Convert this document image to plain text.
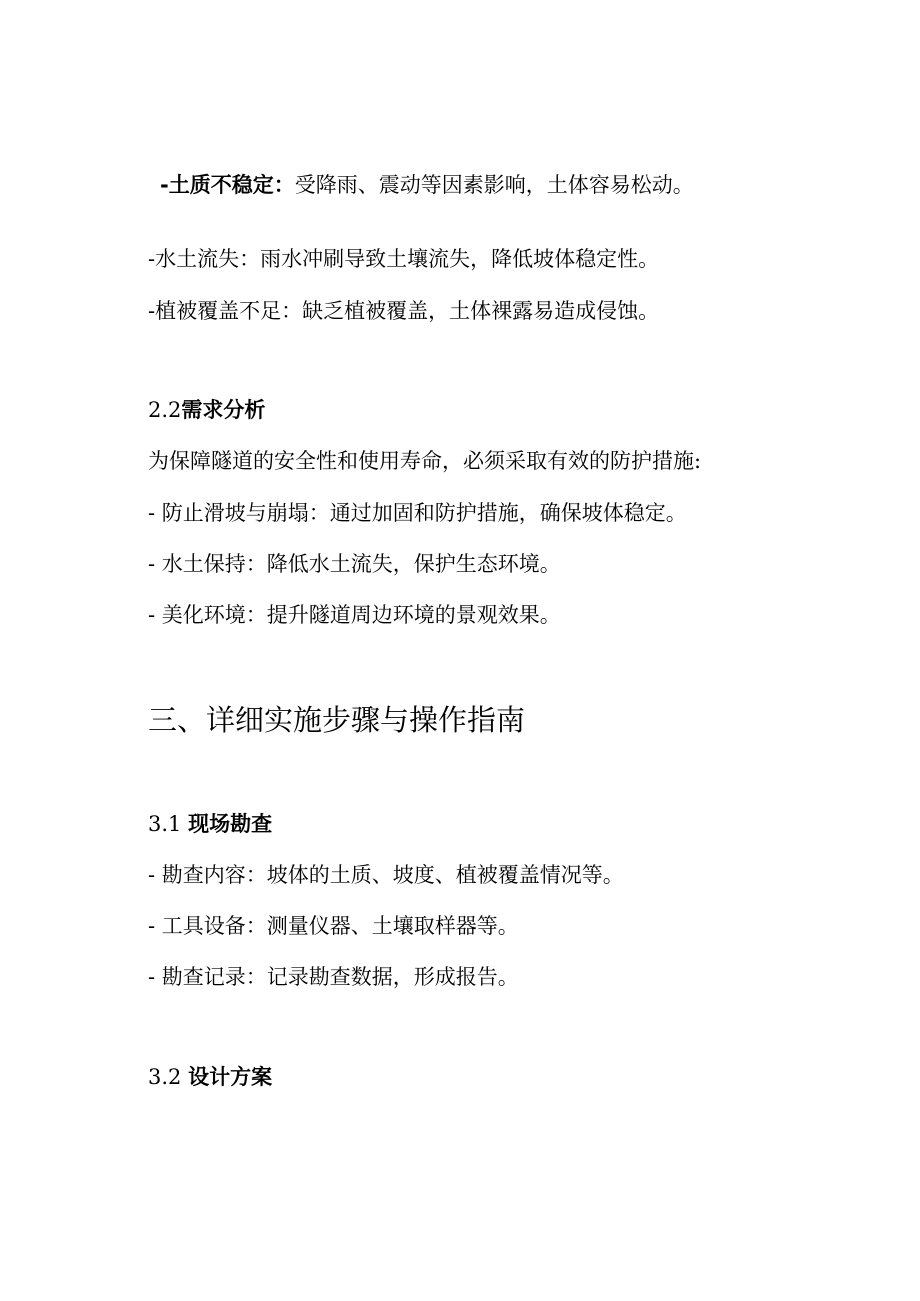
-土质不稳定：受降雨、震动等因素影响，土体容易松动。
-水土流失：雨水冲刷导致土壤流失，降低坡体稳定性。
-植被覆盖不足：缺乏植被覆盖，土体裸露易造成侵蚀。
2.2需求分析
为保障隧道的安全性和使用寿命，必须采取有效的防护措施:
- 防止滑坡与崩塌：通过加固和防护措施，确保坡体稳定。
- 水土保持：降低水土流失，保护生态环境。
- 美化环境：提升隧道周边环境的景观效果。
三、详细实施步骤与操作指南
3.1 现场勘查
- 勘查内容：坡体的土质、坡度、植被覆盖情况等。
- 工具设备：测量仪器、土壤取样器等。
- 勘查记录：记录勘查数据，形成报告。
3.2 设计方案
